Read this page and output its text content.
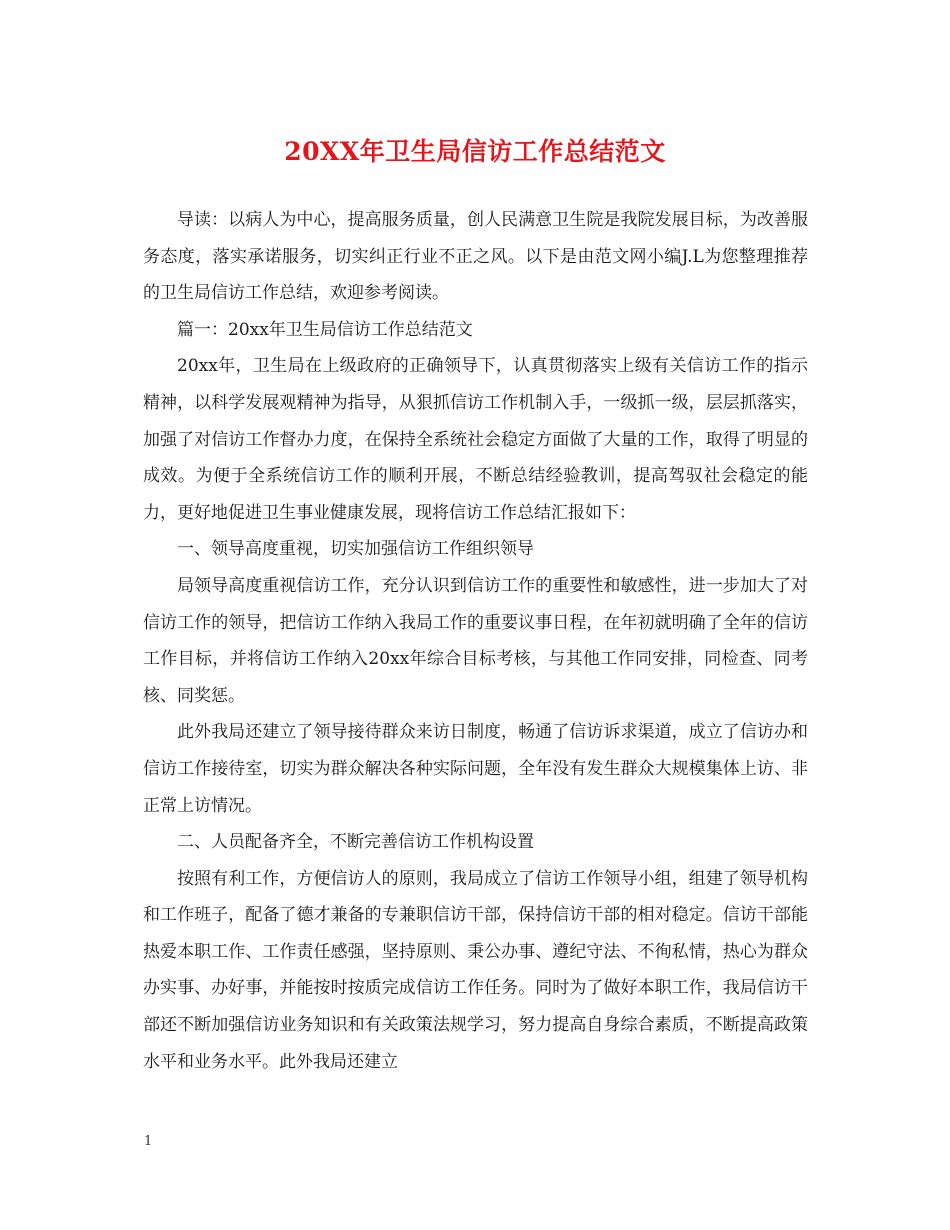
20XX年卫生局信访工作总结范文

导读：以病人为中心，提高服务质量，创人民满意卫生院是我院发展目标，为改善服务态度，落实承诺服务，切实纠正行业不正之风。以下是由范文网小编J.L为您整理推荐的卫生局信访工作总结，欢迎参考阅读。

篇一：20xx年卫生局信访工作总结范文

20xx年，卫生局在上级政府的正确领导下，认真贯彻落实上级有关信访工作的指示精神，以科学发展观精神为指导，从狠抓信访工作机制入手，一级抓一级，层层抓落实，加强了对信访工作督办力度，在保持全系统社会稳定方面做了大量的工作，取得了明显的成效。为便于全系统信访工作的顺利开展，不断总结经验教训，提高驾驭社会稳定的能力，更好地促进卫生事业健康发展，现将信访工作总结汇报如下：

一、领导高度重视，切实加强信访工作组织领导

局领导高度重视信访工作，充分认识到信访工作的重要性和敏感性，进一步加大了对信访工作的领导，把信访工作纳入我局工作的重要议事日程，在年初就明确了全年的信访工作目标，并将信访工作纳入20xx年综合目标考核，与其他工作同安排，同检查、同考核、同奖惩。

此外我局还建立了领导接待群众来访日制度，畅通了信访诉求渠道，成立了信访办和信访工作接待室，切实为群众解决各种实际问题，全年没有发生群众大规模集体上访、非正常上访情况。

二、人员配备齐全，不断完善信访工作机构设置

按照有利工作，方便信访人的原则，我局成立了信访工作领导小组，组建了领导机构和工作班子，配备了德才兼备的专兼职信访干部，保持信访干部的相对稳定。信访干部能热爱本职工作、工作责任感强，坚持原则、秉公办事、遵纪守法、不徇私情，热心为群众办实事、办好事，并能按时按质完成信访工作任务。同时为了做好本职工作，我局信访干部还不断加强信访业务知识和有关政策法规学习，努力提高自身综合素质，不断提高政策水平和业务水平。此外我局还建立

1
